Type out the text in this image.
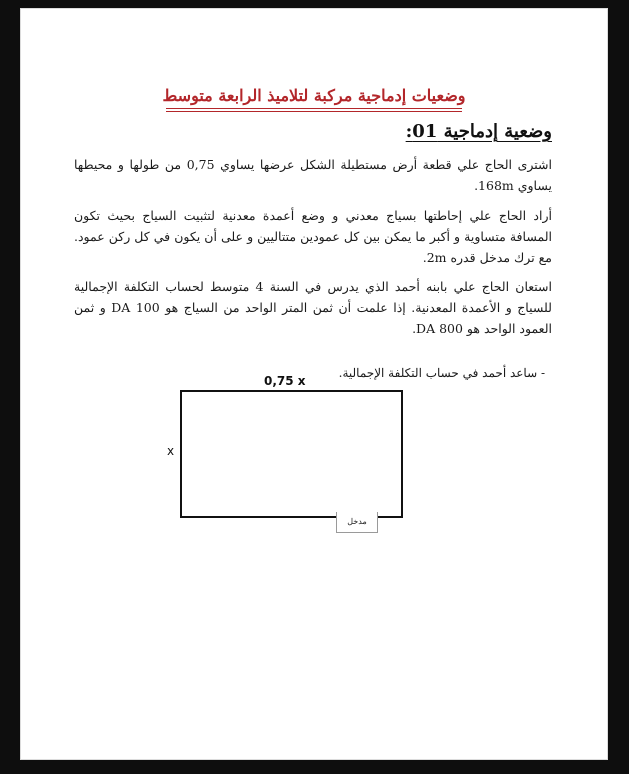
وضعيات إدماجية مركبة لتلاميذ الرابعة متوسط
وضعية إدماجية 01:

اشترى الحاج علي قطعة أرض مستطيلة الشكل عرضها يساوي 0,75 من طولها و محيطها يساوي 168m.

أراد الحاج علي إحاطتها بسياج معدني و وضع أعمدة معدنية لتثبيت السياج بحيث تكون المسافة متساوية و أكبر ما يمكن بين كل عمودين متتاليين و على أن يكون في كل ركن عمود. مع ترك مدخل قدره 2m.

استعان الحاج علي بابنه أحمد الذي يدرس في السنة 4 متوسط لحساب التكلفة الإجمالية للسياج و الأعمدة المعدنية. إذا علمت أن ثمن المتر الواحد من السياج هو 100 DA و ثمن العمود الواحد هو 800 DA.

- ساعد أحمد في حساب التكلفة الإجمالية.
0,75 x
x
مدخل
